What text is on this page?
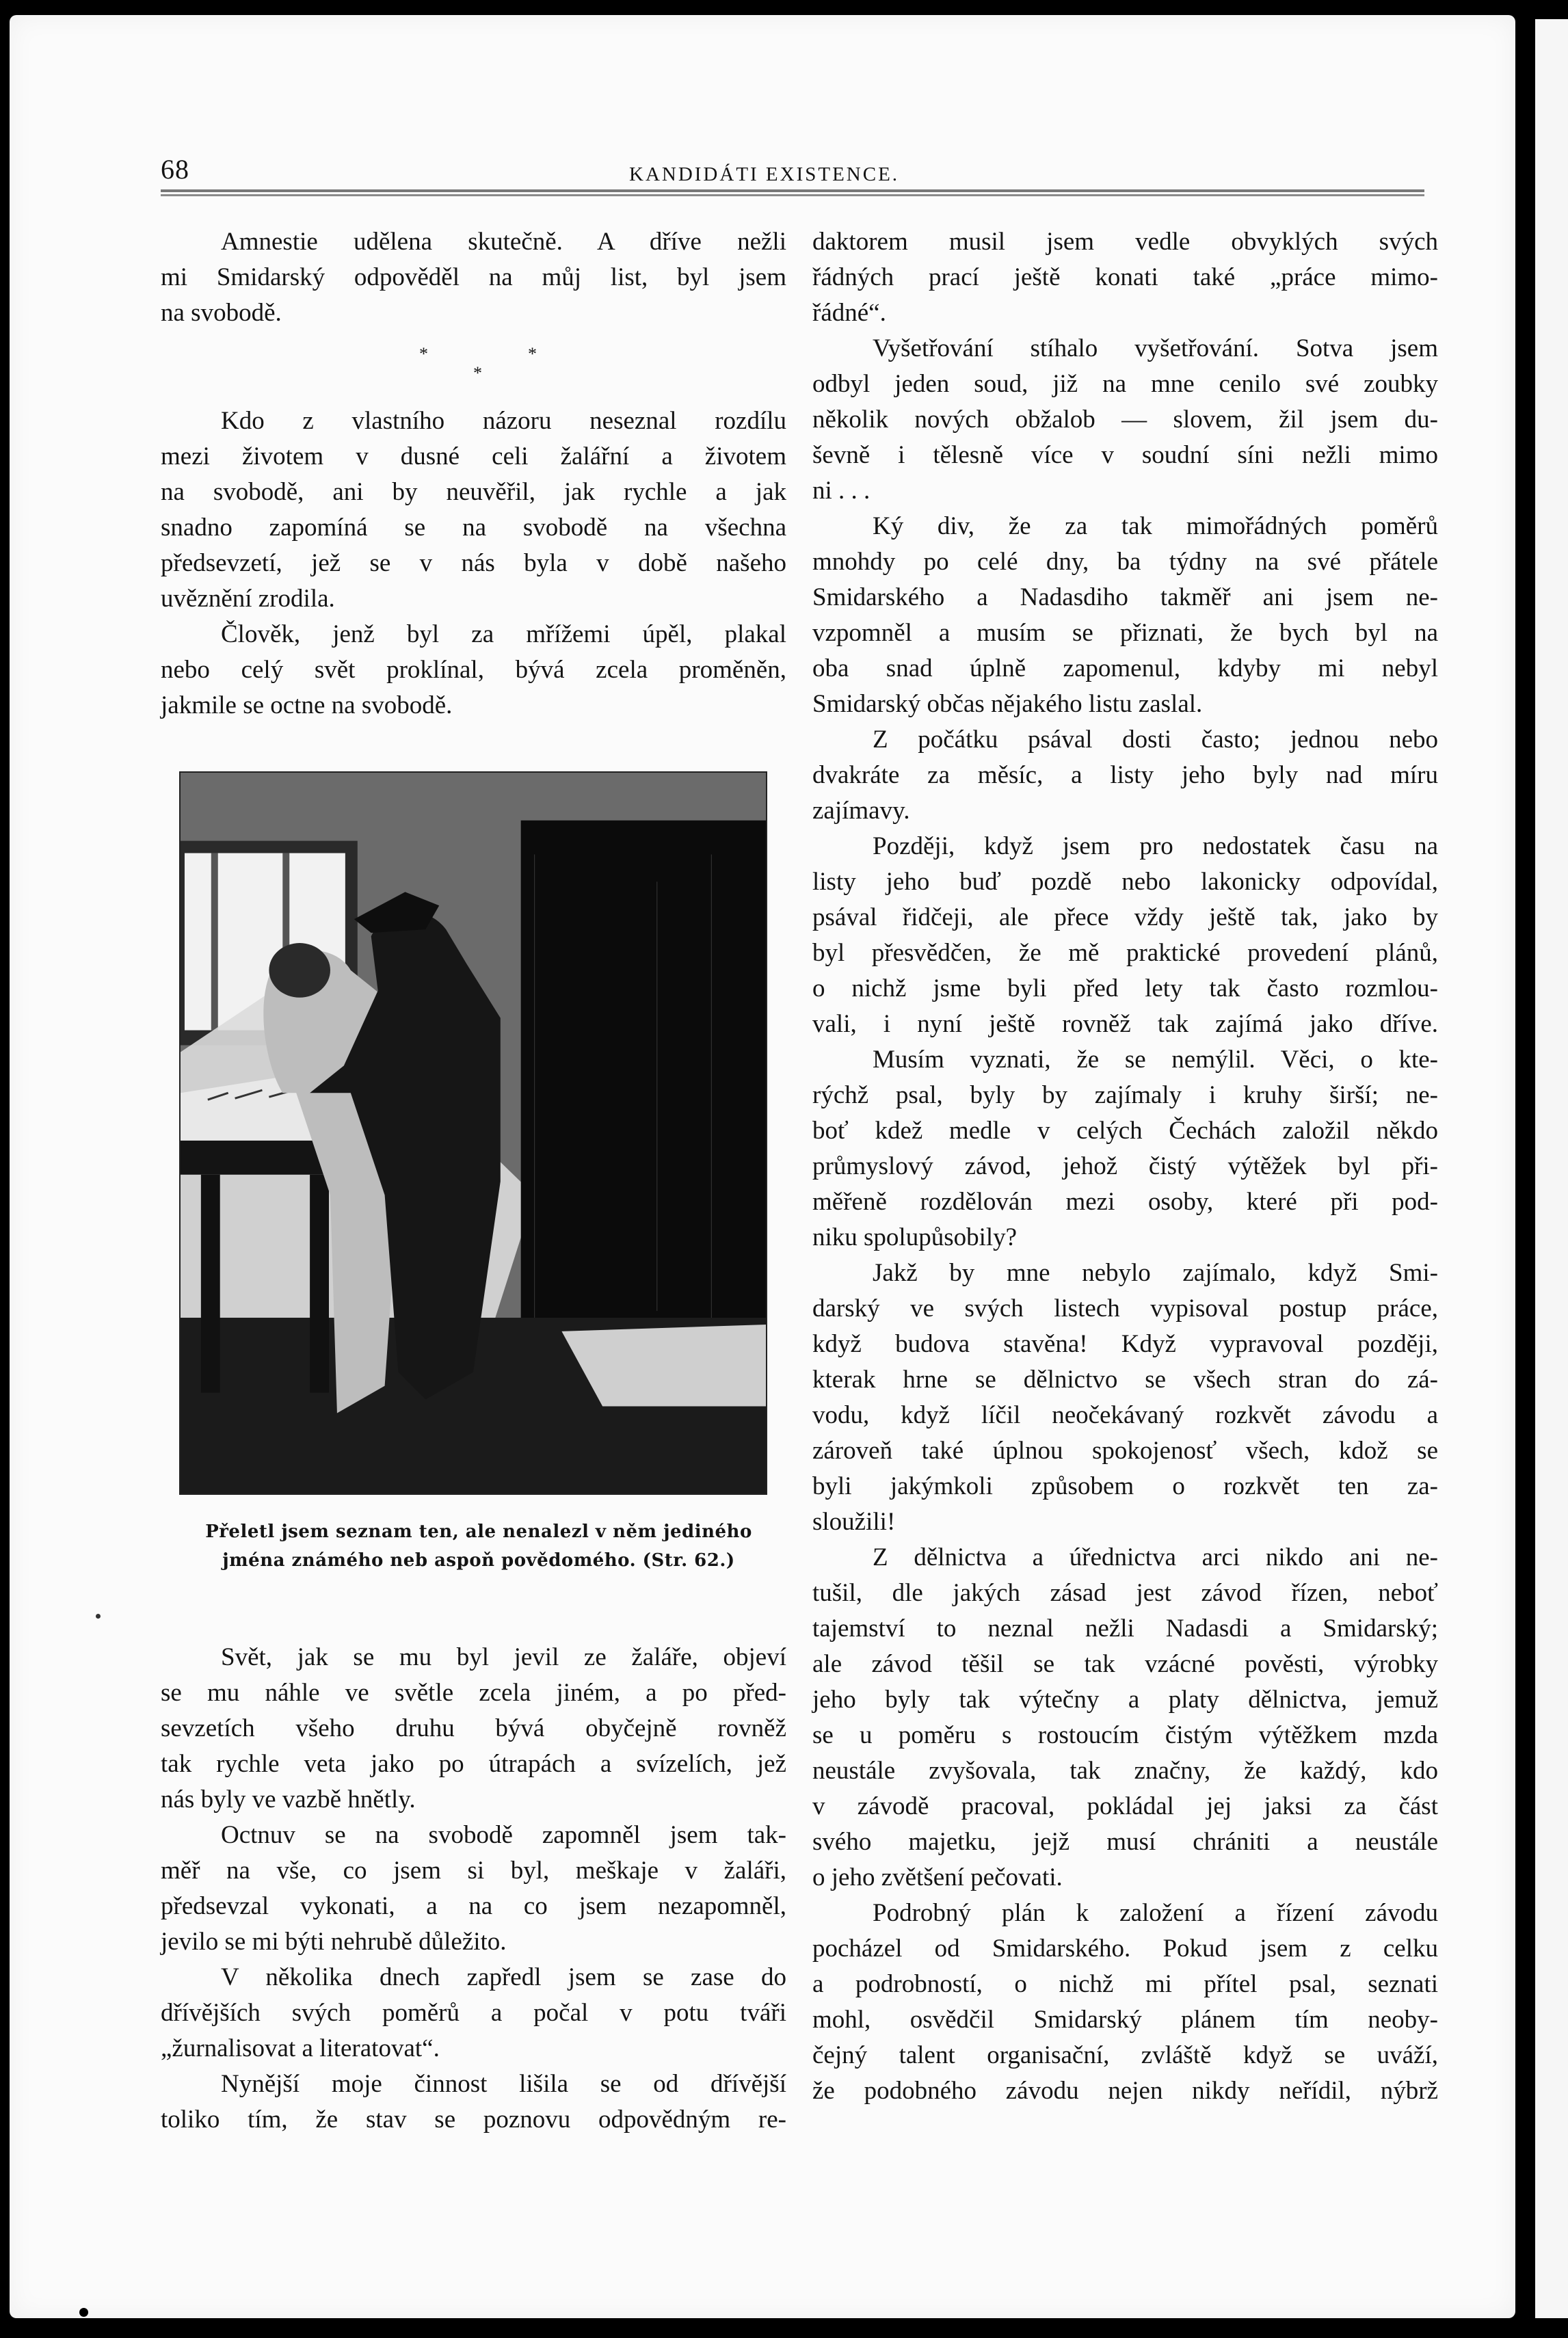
68	KANDIDÁTI EXISTENCE.
Amnestie udělena skutečně. A dříve nežli
mi Smidarský odpověděl na můj list, byl jsem
na svobodě.
*	*
*
Kdo z vlastního názoru neseznal rozdílu
mezi životem v dusné celi žalářní a životem
na svobodě, ani by neuvěřil, jak rychle a jak
snadno zapomíná se na svobodě na všechna
předsevzetí, jež se v nás byla v době našeho
uvěznění zrodila.
Člověk, jenž byl za mřížemi úpěl, plakal
nebo celý svět proklínal, bývá zcela proměněn,
jakmile se octne na svobodě.
Přeletl jsem seznam ten, ale nenalezl v něm jediného
jména známého neb aspoň povědomého. (Str. 62.)
Svět, jak se mu byl jevil ze žaláře, objeví
se mu náhle ve světle zcela jiném, a po před-
sevzetích všeho druhu bývá obyčejně rovněž
tak rychle veta jako po útrapách a svízelích, jež
nás byly ve vazbě hnětly.
Octnuv se na svobodě zapomněl jsem tak-
měř na vše, co jsem si byl, meškaje v žaláři,
předsevzal vykonati, a na co jsem nezapomněl,
jevilo se mi býti nehrubě důležito.
V několika dnech zapředl jsem se zase do
dřívějších svých poměrů a počal v potu tváři
„žurnalisovat a literatovat“.
Nynější moje činnost lišila se od dřívější
toliko tím, že stav se poznovu odpovědným re-
daktorem musil jsem vedle obvyklých svých
řádných prací ještě konati také „práce mimo-
řádné“.
Vyšetřování stíhalo vyšetřování. Sotva jsem
odbyl jeden soud, již na mne cenilo své zoubky
několik nových obžalob — slovem, žil jsem du-
ševně i tělesně více v soudní síni nežli mimo
ni . . .
Ký div, že za tak mimořádných poměrů
mnohdy po celé dny, ba týdny na své přátele
Smidarského a Nadasdiho takměř ani jsem ne-
vzpomněl a musím se přiznati, že bych byl na
oba snad úplně zapomenul, kdyby mi nebyl
Smidarský občas nějakého listu zaslal.
Z počátku psával dosti často; jednou nebo
dvakráte za měsíc, a listy jeho byly nad míru
zajímavy.
Později, když jsem pro nedostatek času na
listy jeho buď pozdě nebo lakonicky odpovídal,
psával řidčeji, ale přece vždy ještě tak, jako by
byl přesvědčen, že mě praktické provedení plánů,
o nichž jsme byli před lety tak často rozmlou-
vali, i nyní ještě rovněž tak zajímá jako dříve.
Musím vyznati, že se nemýlil. Věci, o kte-
rýchž psal, byly by zajímaly i kruhy širší; ne-
boť kdež medle v celých Čechách založil někdo
průmyslový závod, jehož čistý výtěžek byl při-
měřeně rozdělován mezi osoby, které při pod-
niku spolupůsobily?
Jakž by mne nebylo zajímalo, když Smi-
darský ve svých listech vypisoval postup práce,
když budova stavěna! Když vypravoval později,
kterak hrne se dělnictvo se všech stran do zá-
vodu, když líčil neočekávaný rozkvět závodu a
zároveň také úplnou spokojenosť všech, kdož se
byli jakýmkoli způsobem o rozkvět ten za-
sloužili!
Z dělnictva a úřednictva arci nikdo ani ne-
tušil, dle jakých zásad jest závod řízen, neboť
tajemství to neznal nežli Nadasdi a Smidarský;
ale závod těšil se tak vzácné pověsti, výrobky
jeho byly tak výtečny a platy dělnictva, jemuž
se u poměru s rostoucím čistým výtěžkem mzda
neustále zvyšovala, tak značny, že každý, kdo
v závodě pracoval, pokládal jej jaksi za část
svého majetku, jejž musí chrániti a neustále
o jeho zvětšení pečovati.
Podrobný plán k založení a řízení závodu
pocházel od Smidarského. Pokud jsem z celku
a podrobností, o nichž mi přítel psal, seznati
mohl, osvědčil Smidarský plánem tím neoby-
čejný talent organisační, zvláště když se uváží,
že podobného závodu nejen nikdy neřídil, nýbrž
